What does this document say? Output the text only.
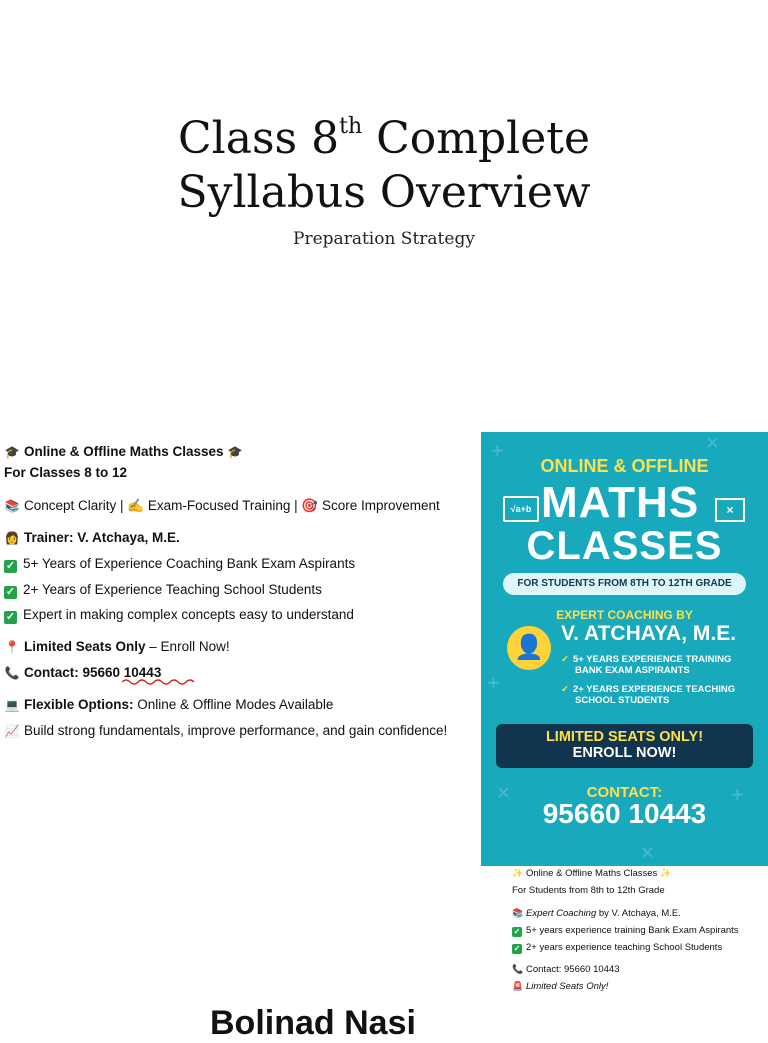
Class 8th Complete
Syllabus Overview
Preparation Strategy
🎓 Online & Offline Maths Classes 🎓
For Classes 8 to 12
📚 Concept Clarity | ✍ Exam-Focused Training | 🎯 Score Improvement
👩 Trainer: V. Atchaya, M.E.
✓ 5+ Years of Experience Coaching Bank Exam Aspirants
✓ 2+ Years of Experience Teaching School Students
✓ Expert in making complex concepts easy to understand
📍 Limited Seats Only – Enroll Now!
📞 Contact: 95660 10443
💻 Flexible Options: Online & Offline Modes Available
📈 Build strong fundamentals, improve performance, and gain confidence!
+	×
+
×	+
×
ONLINE & OFFLINE
√a+b MATHS	×
CLASSES
FOR STUDENTS FROM 8TH TO 12TH GRADE
EXPERT COACHING BY
👤
V. ATCHAYA, M.E.
✓ 5+ YEARS EXPERIENCE TRAINING
BANK EXAM ASPIRANTS
✓ 2+ YEARS EXPERIENCE TEACHING
SCHOOL STUDENTS
LIMITED SEATS ONLY!
ENROLL NOW!
CONTACT:
95660 10443
✨ Online & Offline Maths Classes ✨
For Students from 8th to 12th Grade
📚 Expert Coaching by V. Atchaya, M.E.
✓ 5+ years experience training Bank Exam Aspirants
✓ 2+ years experience teaching School Students
📞 Contact: 95660 10443
🚨 Limited Seats Only!
Bolinad Nasi
